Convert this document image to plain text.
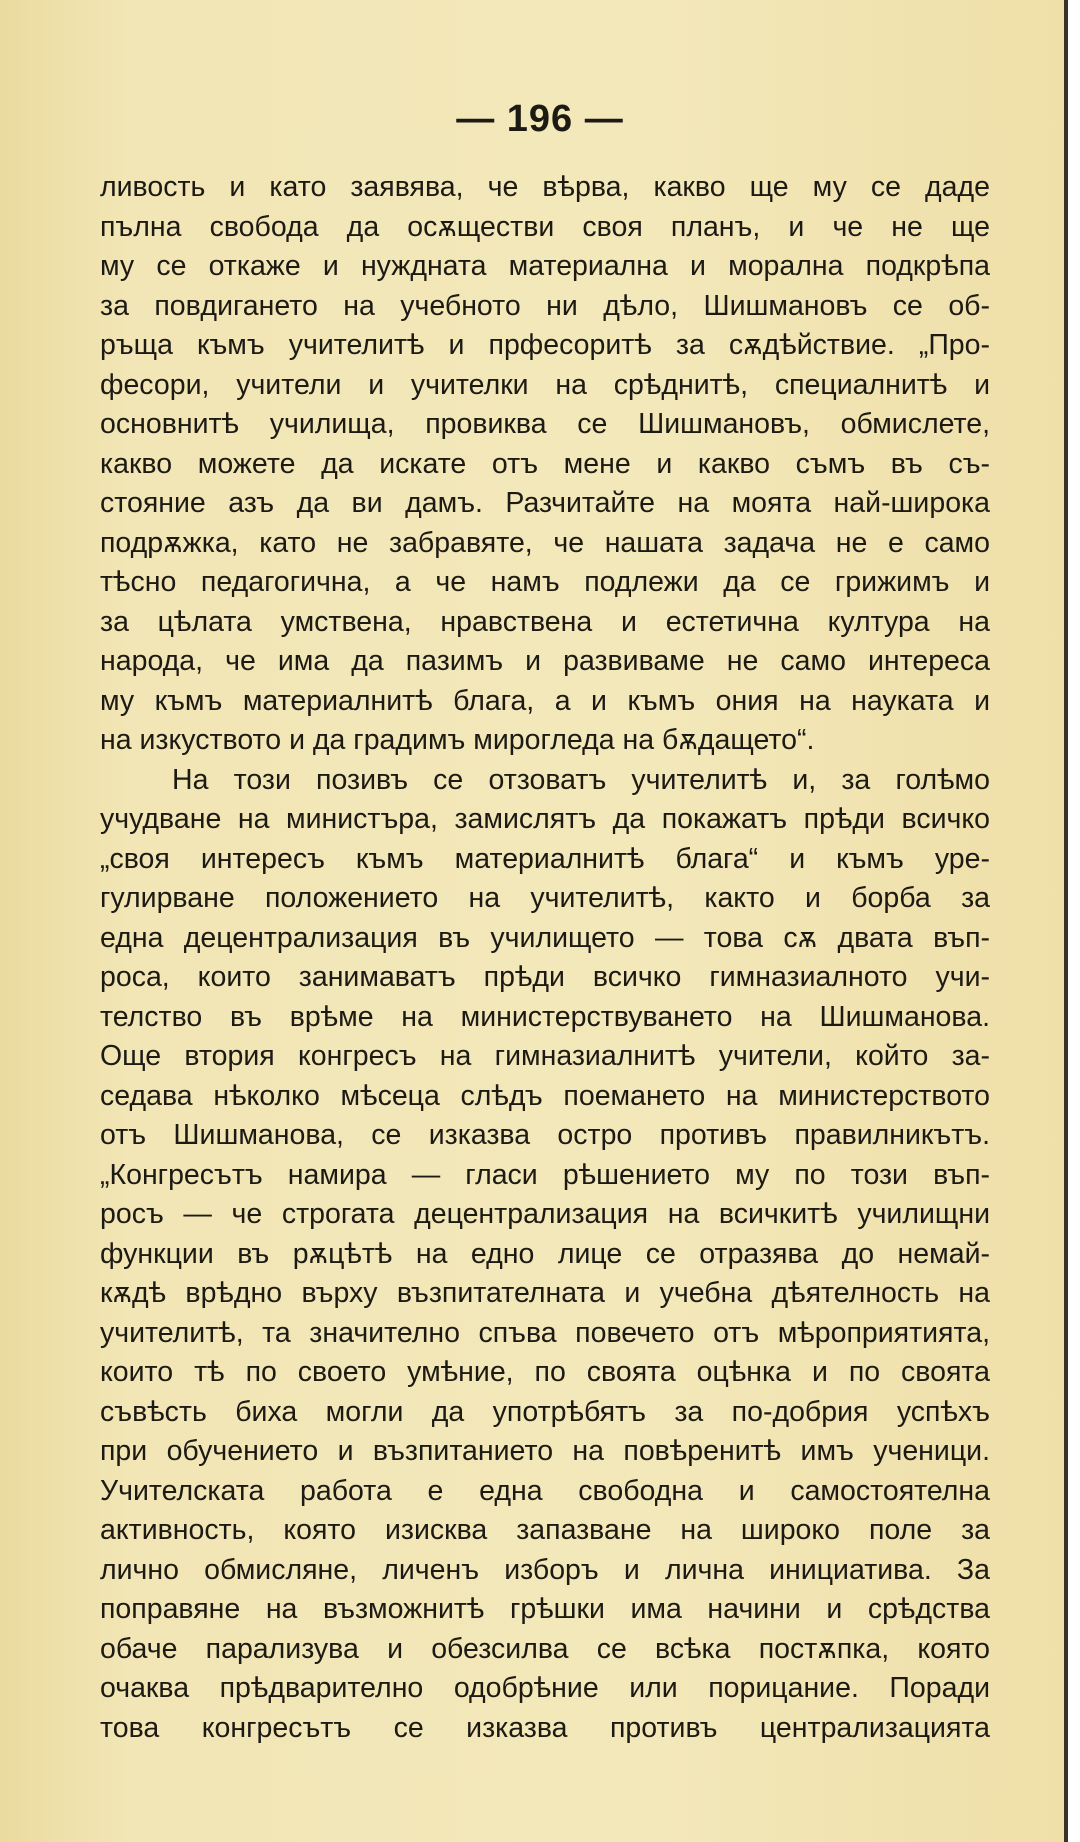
— 196 —
ливость и като заявява, че вѣрва, какво ще му се даде
пълна свобода да осѫществи своя планъ, и че не ще
му се откаже и нуждната материална и морална подкрѣпа
за повдигането на учебното ни дѣло, Шишмановъ се об-
ръща къмъ учителитѣ и прфесоритѣ за сѫдѣйствие. „Про-
фесори, учители и учителки на срѣднитѣ, специалнитѣ и
основнитѣ училища, провиква се Шишмановъ, обмислете,
какво можете да искате отъ мене и какво съмъ въ съ-
стояние азъ да ви дамъ. Разчитайте на моята най-широка
подрѫжка, като не забравяте, че нашата задача не е само
тѣсно педагогична, а че намъ подлежи да се грижимъ и
за цѣлата умствена, нравствена и естетична култура на
народа, че има да пазимъ и развиваме не само интереса
му къмъ материалнитѣ блага, а и къмъ ония на науката и
на изкуството и да градимъ мирогледа на бѫдащето“.
На този позивъ се отзоватъ учителитѣ и, за голѣмо
учудване на министъра, замислятъ да покажатъ прѣди всичко
„своя интересъ къмъ материалнитѣ блага“ и къмъ уре-
гулирване положението на учителитѣ, както и борба за
една децентрализация въ училището — това сѫ двата въп-
роса, които занимаватъ прѣди всичко гимназиалното учи-
телство въ врѣме на министерствуването на Шишманова.
Още втория конгресъ на гимназиалнитѣ учители, който за-
седава нѣколко мѣсеца слѣдъ поемането на министерството
отъ Шишманова, се изказва остро противъ правилникътъ.
„Конгресътъ намира — гласи рѣшението му по този въп-
росъ — че строгата децентрализация на всичкитѣ училищни
функции въ рѫцѣтѣ на едно лице се отразява до немай-
кѫдѣ врѣдно върху възпитателната и учебна дѣятелность на
учителитѣ, та значително спъва повечето отъ мѣроприятията,
които тѣ по своето умѣние, по своята оцѣнка и по своята
съвѣсть биха могли да употрѣбятъ за по-добрия успѣхъ
при обучението и възпитанието на повѣренитѣ имъ ученици.
Учителската работа е една свободна и самостоятелна
активность, която изисква запазване на широко поле за
лично обмисляне, личенъ изборъ и лична инициатива. За
поправяне на възможнитѣ грѣшки има начини и срѣдства
обаче парализува и обезсилва се всѣка постѫпка, която
очаква прѣдварително одобрѣние или порицание. Поради
това конгресътъ се изказва противъ централизацията
